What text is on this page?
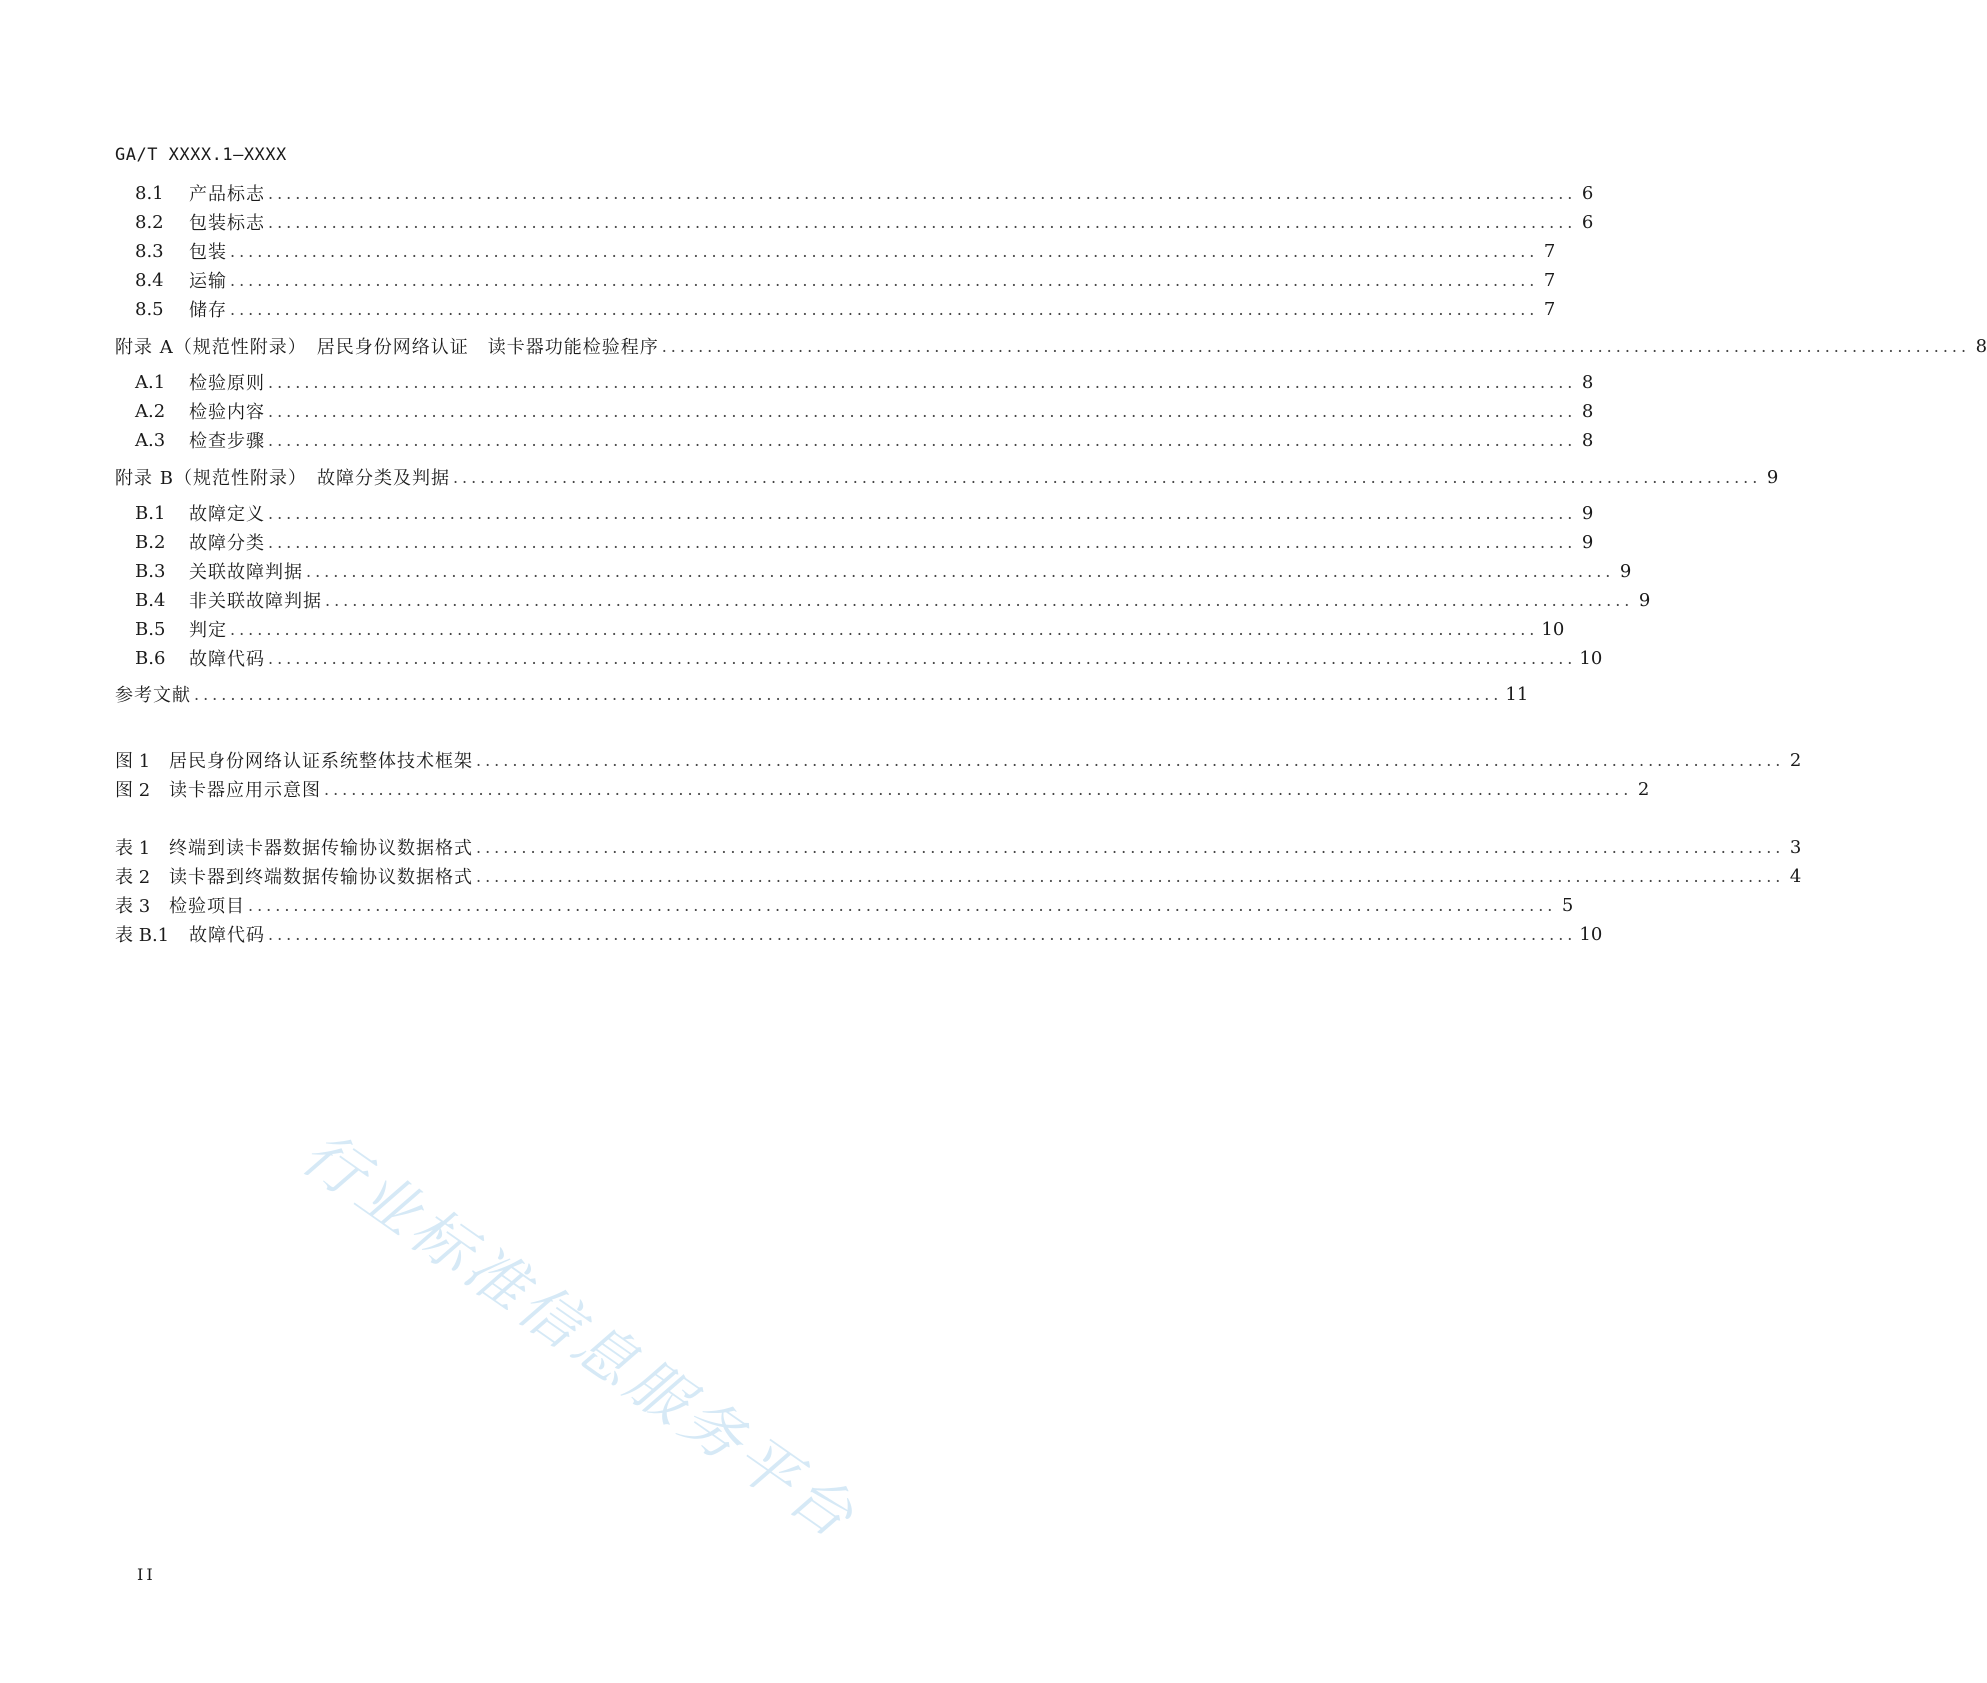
GA/T XXXX.1—XXXX
8.1	产品标志 ................................................................................................................................................ 6
8.2	包装标志 ................................................................................................................................................ 6
8.3	包装 ................................................................................................................................................ 7
8.4	运输 ................................................................................................................................................ 7
8.5	储存 ................................................................................................................................................ 7
附录 A（规范性附录）　居民身份网络认证　读卡器功能检验程序 ................................................................................................................................................ 8
A.1	检验原则 ................................................................................................................................................ 8
A.2	检验内容 ................................................................................................................................................ 8
A.3	检查步骤 ................................................................................................................................................ 8
附录 B（规范性附录）　故障分类及判据 ................................................................................................................................................ 9
B.1	故障定义 ................................................................................................................................................ 9
B.2	故障分类 ................................................................................................................................................ 9
B.3	关联故障判据 ................................................................................................................................................ 9
B.4	非关联故障判据 ................................................................................................................................................ 9
B.5	判定 ................................................................................................................................................ 10
B.6	故障代码 ................................................................................................................................................ 10
参考文献 ................................................................................................................................................ 11
图 1	居民身份网络认证系统整体技术框架 ................................................................................................................................................ 2
图 2	读卡器应用示意图 ................................................................................................................................................ 2
表 1	终端到读卡器数据传输协议数据格式 ................................................................................................................................................ 3
表 2	读卡器到终端数据传输协议数据格式 ................................................................................................................................................ 4
表 3	检验项目 ................................................................................................................................................ 5
表 B.1	故障代码 ................................................................................................................................................ 10
行业标准信息服务平台
II
